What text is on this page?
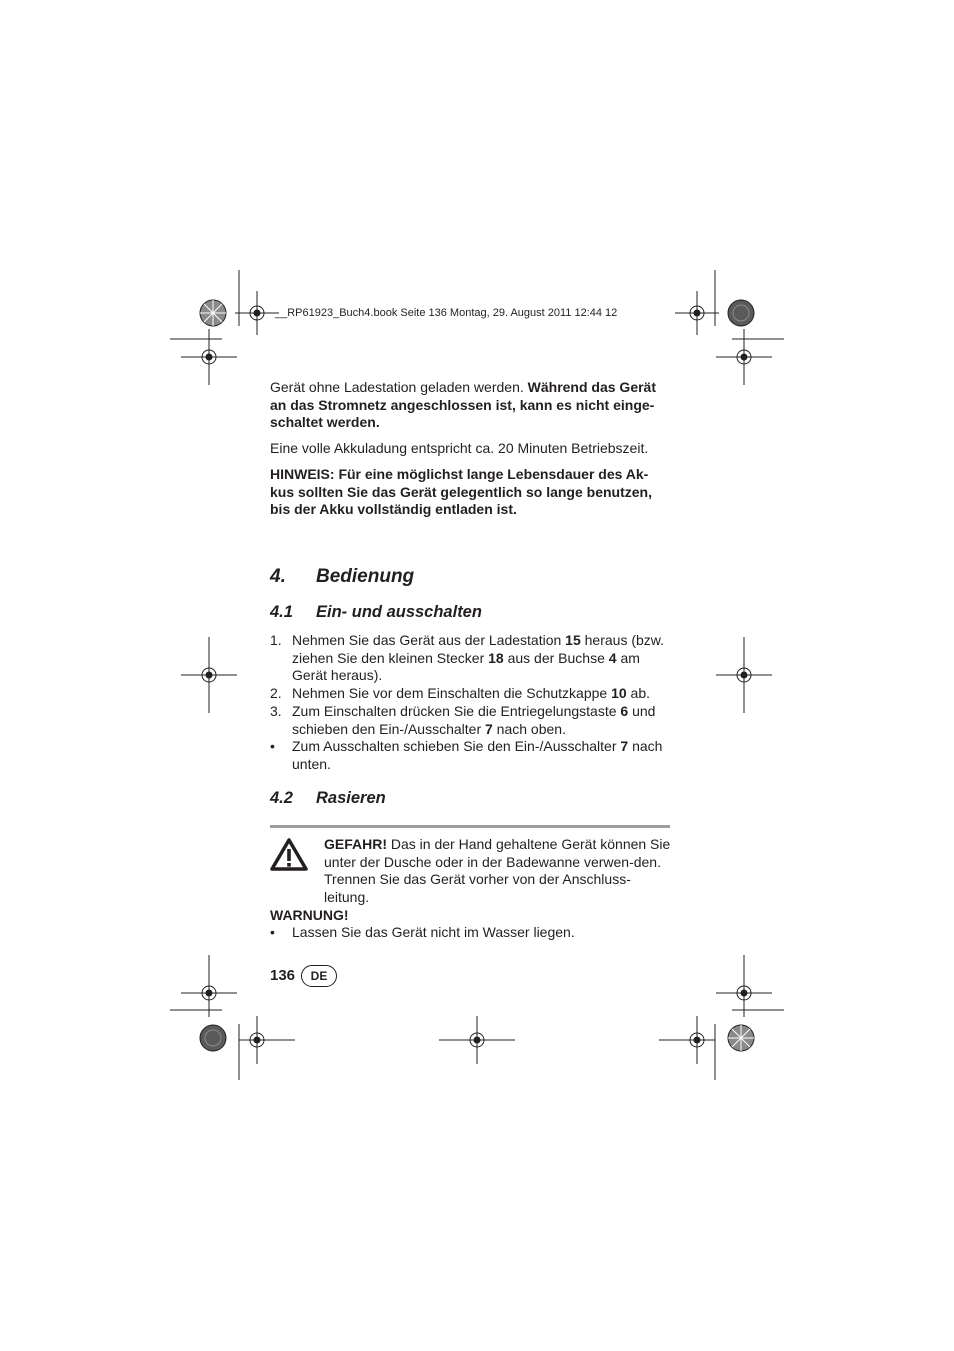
__RP61923_Buch4.book Seite 136 Montag, 29. August 2011 12:44 12

Gerät ohne Ladestation geladen werden. Während das Gerät an das Stromnetz angeschlossen ist, kann es nicht einge-schaltet werden.

Eine volle Akkuladung entspricht ca. 20 Minuten Betriebszeit.

HINWEIS: Für eine möglichst lange Lebensdauer des Ak-kus sollten Sie das Gerät gelegentlich so lange benutzen, bis der Akku vollständig entladen ist.

4. Bedienung
4.1 Ein- und ausschalten
1. Nehmen Sie das Gerät aus der Ladestation 15 heraus (bzw. ziehen Sie den kleinen Stecker 18 aus der Buchse 4 am Gerät heraus).
2. Nehmen Sie vor dem Einschalten die Schutzkappe 10 ab.
3. Zum Einschalten drücken Sie die Entriegelungstaste 6 und schieben den Ein-/Ausschalter 7 nach oben.
• Zum Ausschalten schieben Sie den Ein-/Ausschalter 7 nach unten.
4.2 Rasieren
GEFAHR! Das in der Hand gehaltene Gerät können Sie unter der Dusche oder in der Badewanne verwen-den. Trennen Sie das Gerät vorher von der Anschluss-leitung.
WARNUNG!
• Lassen Sie das Gerät nicht im Wasser liegen.
136	DE
